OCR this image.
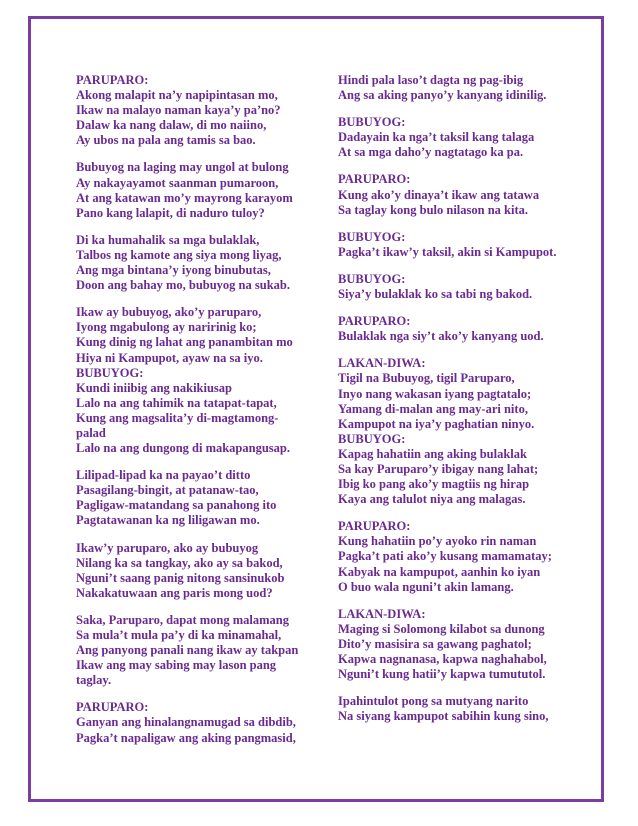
PARUPARO:
Akong malapit na’y napipintasan mo,
Ikaw na malayo naman kaya’y pa’no?
Dalaw ka nang dalaw, di mo naiino,
Ay ubos na pala ang tamis sa bao.
Bubuyog na laging may ungol at bulong
Ay nakayayamot saanman pumaroon,
At ang katawan mo’y mayrong karayom
Pano kang lalapit, di naduro tuloy?
Di ka humahalik sa mga bulaklak,
Talbos ng kamote ang siya mong liyag,
Ang mga bintana’y iyong binubutas,
Doon ang bahay mo, bubuyog na sukab.
Ikaw ay bubuyog, ako’y paruparo,
Iyong mgabulong ay naririnig ko;
Kung dinig ng lahat ang panambitan mo
Hiya ni Kampupot, ayaw na sa iyo.
BUBUYOG:
Kundi iniibig ang nakikiusap
Lalo na ang tahimik na tatapat-tapat,
Kung ang magsalita’y di-magtamong-
palad
Lalo na ang dungong di makapangusap.
Lilipad-lipad ka na payao’t ditto
Pasagilang-bingit, at patanaw-tao,
Pagligaw-matandang sa panahong ito
Pagtatawanan ka ng liligawan mo.
Ikaw’y paruparo, ako ay bubuyog
Nilang ka sa tangkay, ako ay sa bakod,
Nguni’t saang panig nitong sansinukob
Nakakatuwaan ang paris mong uod?
Saka, Paruparo, dapat mong malamang
Sa mula’t mula pa’y di ka minamahal,
Ang panyong panali nang ikaw ay takpan
Ikaw ang may sabing may lason pang
taglay.
PARUPARO:
Ganyan ang hinalangnamugad sa dibdib,
Pagka’t napaligaw ang aking pangmasid,
Hindi pala laso’t dagta ng pag-ibig
Ang sa aking panyo’y kanyang idinilig.
BUBUYOG:
Dadayain ka nga’t taksil kang talaga
At sa mga daho’y nagtatago ka pa.
PARUPARO:
Kung ako’y dinaya’t ikaw ang tatawa
Sa taglay kong bulo nilason na kita.
BUBUYOG:
Pagka’t ikaw’y taksil, akin si Kampupot.
BUBUYOG:
Siya’y bulaklak ko sa tabi ng bakod.
PARUPARO:
Bulaklak nga siy’t ako’y kanyang uod.
LAKAN-DIWA:
Tigil na Bubuyog, tigil Paruparo,
Inyo nang wakasan iyang pagtatalo;
Yamang di-malan ang may-ari nito,
Kampupot na iya’y paghatian ninyo.
BUBUYOG:
Kapag hahatiin ang aking bulaklak
Sa kay Paruparo’y ibigay nang lahat;
Ibig ko pang ako’y magtiis ng hirap
Kaya ang talulot niya ang malagas.
PARUPARO:
Kung hahatiin po’y ayoko rin naman
Pagka’t pati ako’y kusang mamamatay;
Kabyak na kampupot, aanhin ko iyan
O buo wala nguni’t akin lamang.
LAKAN-DIWA:
Maging si Solomong kilabot sa dunong
Dito’y masisira sa gawang paghatol;
Kapwa nagnanasa, kapwa naghahabol,
Nguni’t kung hatii’y kapwa tumututol.
Ipahintulot pong sa mutyang narito
Na siyang kampupot sabihin kung sino,
